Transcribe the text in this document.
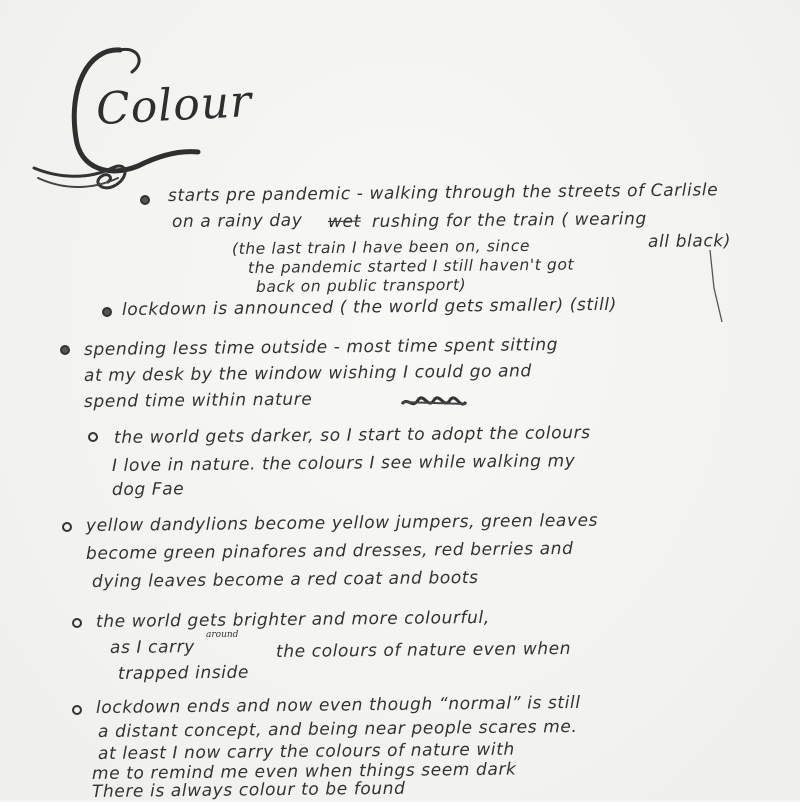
Colour
starts pre pandemic - walking through the streets of Carlisle
on a rainy day wet rushing for the train ( wearing
all black)
(the last train I have been on, since
the pandemic started I still haven't got
back on public transport)
lockdown is announced ( the world gets smaller) (still)
spending less time outside - most time spent sitting
at my desk by the window wishing I could go and
spend time within nature
the world gets darker, so I start to adopt the colours
I love in nature. the colours I see while walking my
dog Fae
yellow dandylions become yellow jumpers, green leaves
become green pinafores and dresses, red berries and
dying leaves become a red coat and boots
the world gets brighter and more colourful,
as I carry
around
the colours of nature even when
trapped inside
lockdown ends and now even though “normal” is still
a distant concept, and being near people scares me.
at least I now carry the colours of nature with
me to remind me even when things seem dark
There is always colour to be found
